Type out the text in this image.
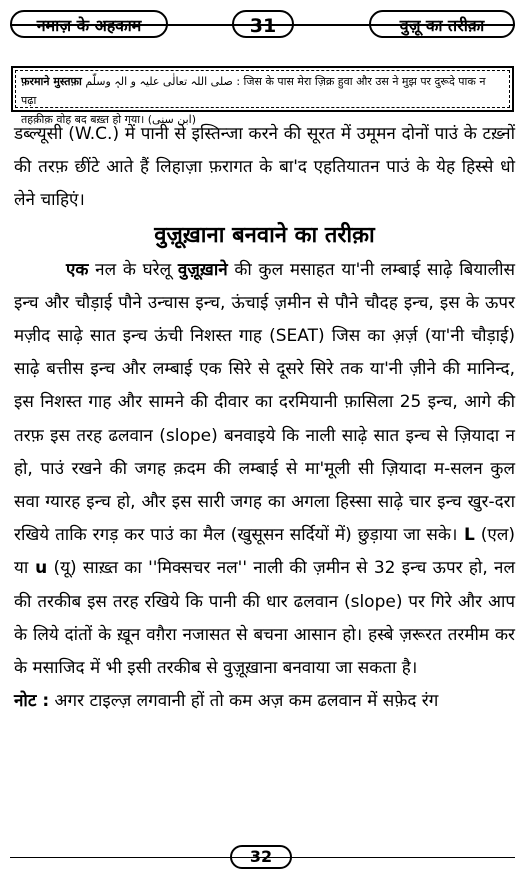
नमाज़ के अहकाम	31	वुज़ू का तरीक़ा
फ़रमाने मुस्तफ़ा صلی اللہ تعالٰی علیہ و الہٖ وسلّم : जिस के पास मेरा ज़िक्र हुवा और उस ने मुझ पर दुरूदे पाक न पढ़ा
तहक़ीक़ वोह बद बख़्त हो गया। (ابن سنی)

डब्ल्यूसी (W.C.) में पानी से इस्तिन्जा करने की सूरत में उमूमन दोनों पाउं के टख़्नों की तरफ़ छींटे आते हैं लिहाज़ा फ़रागत के बा'द एहतियातन पाउं के येह हिस्से धो लेने चाहिएं।

वुज़ूख़ाना बनवाने का तरीक़ा

एक नल के घरेलू वुज़ूख़ाने की कुल मसाहत या'नी लम्बाई साढ़े बियालीस इन्च और चौड़ाई पौने उन्चास इन्च, ऊंचाई ज़मीन से पौने चौदह इन्च, इस के ऊपर मज़ीद साढ़े सात इन्च ऊंची निशस्त गाह (SEAT) जिस का अ़र्ज़ (या'नी चौड़ाई) साढ़े बत्तीस इन्च और लम्बाई एक सिरे से दूसरे सिरे तक या'नी ज़ीने की मानिन्द, इस निशस्त गाह और सामने की दीवार का दरमियानी फ़ासिला 25 इन्च, आगे की तरफ़ इस तरह ढलवान (slope) बनवाइये कि नाली साढ़े सात इन्च से ज़ियादा न हो, पाउं रखने की जगह क़दम की लम्बाई से मा'मूली सी ज़ियादा म-सलन कुल सवा ग्यारह इन्च हो, और इस सारी जगह का अगला हिस्सा साढ़े चार इन्च खुर-दरा रखिये ताकि रगड़ कर पाउं का मैल (खुसूसन सर्दियों में) छुड़ाया जा सके। L (एल) या u (यू) साख़्त का ''मिक्सचर नल'' नाली की ज़मीन से 32 इन्च ऊपर हो, नल की तरकीब इस तरह रखिये कि पानी की धार ढलवान (slope) पर गिरे और आप के लिये दांतों के ख़ून वग़ैरा नजासत से बचना आसान हो। हस्बे ज़रूरत तरमीम कर के मसाजिद में भी इसी तरकीब से वुज़ूख़ाना बनवाया जा सकता है।

नोट : अगर टाइल्ज़ लगवानी हों तो कम अज़ कम ढलवान में सफ़ेद रंग

32
